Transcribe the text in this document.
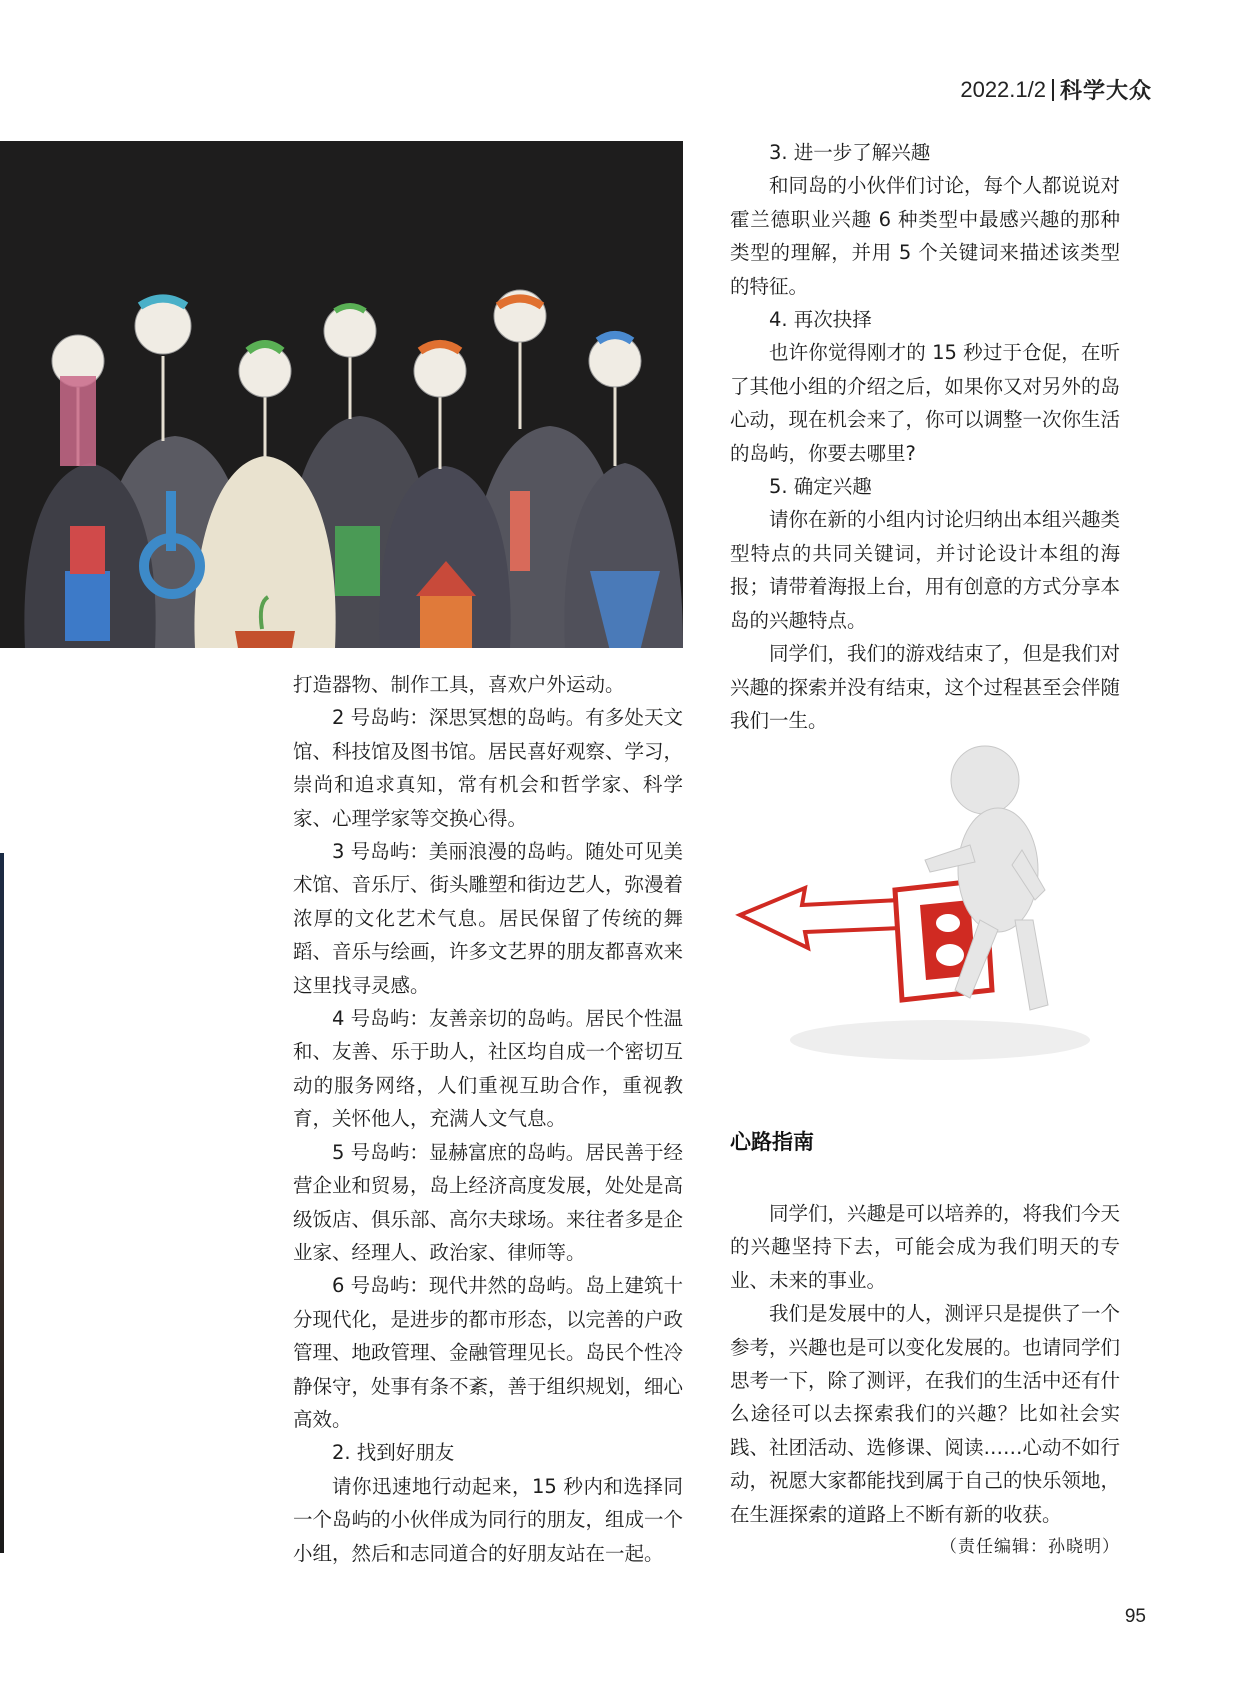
2022.1/2 科学大众

打造器物、制作工具，喜欢户外运动。

2 号岛屿：深思冥想的岛屿。有多处天文馆、科技馆及图书馆。居民喜好观察、学习，崇尚和追求真知，常有机会和哲学家、科学家、心理学家等交换心得。

3 号岛屿：美丽浪漫的岛屿。随处可见美术馆、音乐厅、街头雕塑和街边艺人，弥漫着浓厚的文化艺术气息。居民保留了传统的舞蹈、音乐与绘画，许多文艺界的朋友都喜欢来这里找寻灵感。

4 号岛屿：友善亲切的岛屿。居民个性温和、友善、乐于助人，社区均自成一个密切互动的服务网络，人们重视互助合作，重视教育，关怀他人，充满人文气息。

5 号岛屿：显赫富庶的岛屿。居民善于经营企业和贸易，岛上经济高度发展，处处是高级饭店、俱乐部、高尔夫球场。来往者多是企业家、经理人、政治家、律师等。

6 号岛屿：现代井然的岛屿。岛上建筑十分现代化，是进步的都市形态，以完善的户政管理、地政管理、金融管理见长。岛民个性冷静保守，处事有条不紊，善于组织规划，细心高效。

2. 找到好朋友

请你迅速地行动起来，15 秒内和选择同一个岛屿的小伙伴成为同行的朋友，组成一个小组，然后和志同道合的好朋友站在一起。

3. 进一步了解兴趣

和同岛的小伙伴们讨论，每个人都说说对霍兰德职业兴趣 6 种类型中最感兴趣的那种类型的理解，并用 5 个关键词来描述该类型的特征。

4. 再次抉择

也许你觉得刚才的 15 秒过于仓促，在听了其他小组的介绍之后，如果你又对另外的岛心动，现在机会来了，你可以调整一次你生活的岛屿，你要去哪里?

5. 确定兴趣

请你在新的小组内讨论归纳出本组兴趣类型特点的共同关键词，并讨论设计本组的海报；请带着海报上台，用有创意的方式分享本岛的兴趣特点。

同学们，我们的游戏结束了，但是我们对兴趣的探索并没有结束，这个过程甚至会伴随我们一生。

心路指南

同学们，兴趣是可以培养的，将我们今天的兴趣坚持下去，可能会成为我们明天的专业、未来的事业。

我们是发展中的人，测评只是提供了一个参考，兴趣也是可以变化发展的。也请同学们思考一下，除了测评，在我们的生活中还有什么途径可以去探索我们的兴趣？比如社会实践、社团活动、选修课、阅读……心动不如行动，祝愿大家都能找到属于自己的快乐领地，在生涯探索的道路上不断有新的收获。
（责任编辑：孙晓明）

95
